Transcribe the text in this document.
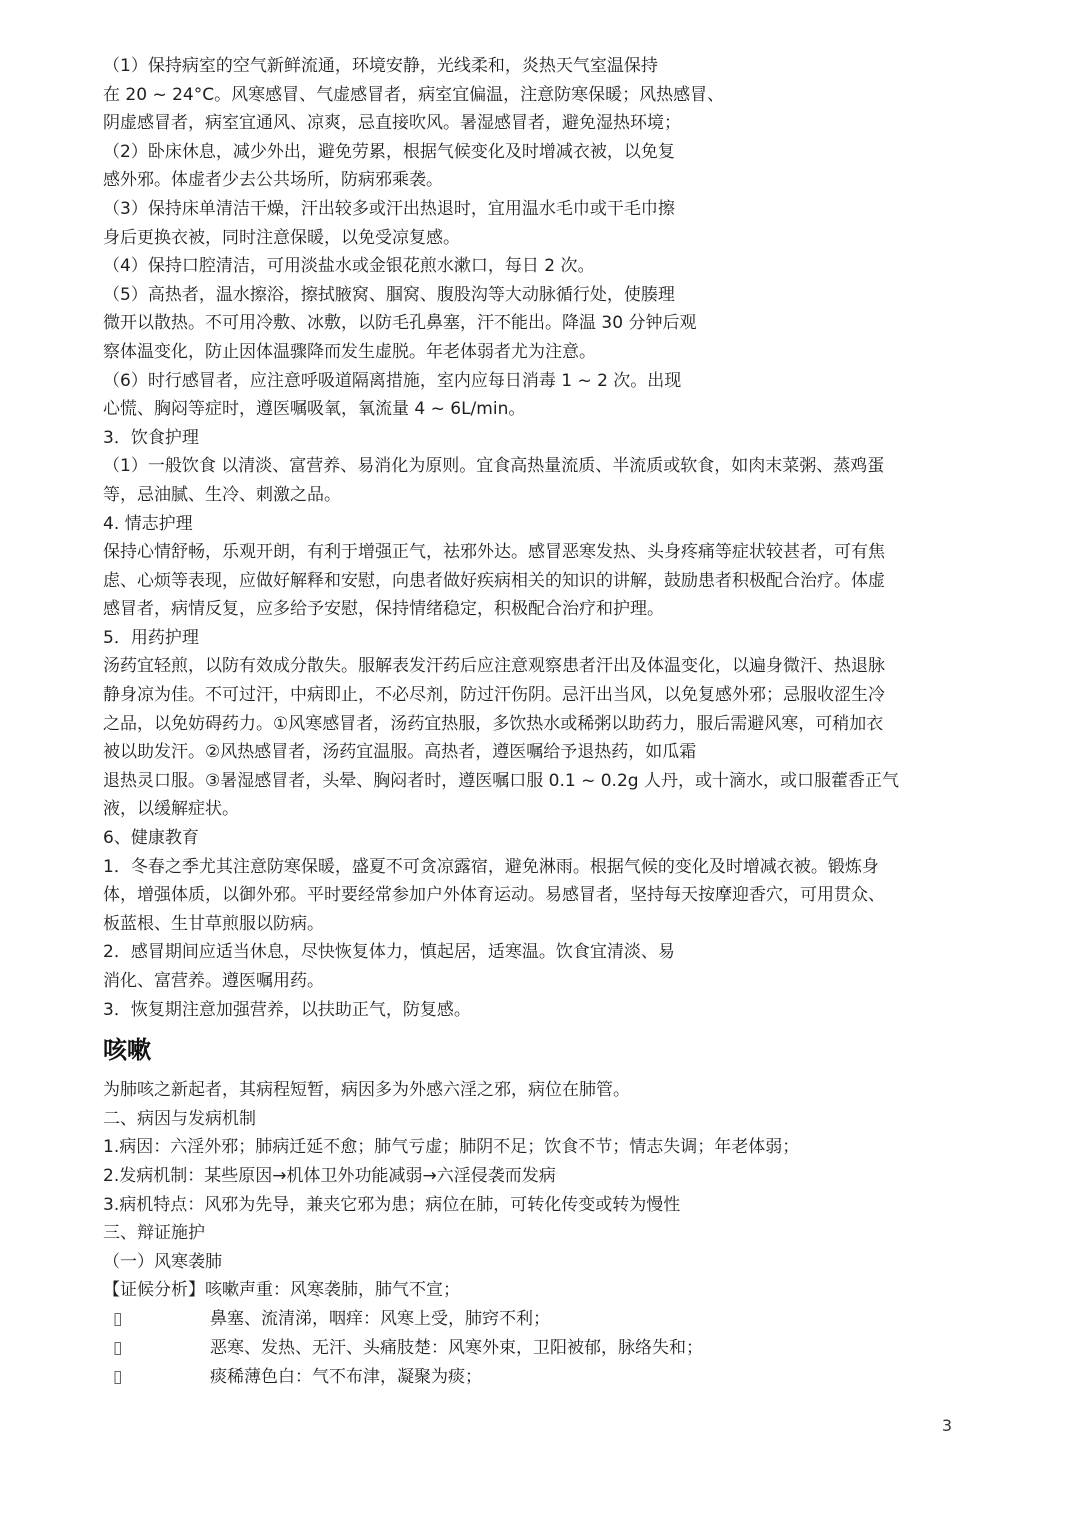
（1）保持病室的空气新鲜流通，环境安静，光线柔和，炎热天气室温保持
在 20 ~ 24°C。风寒感冒、气虚感冒者，病室宜偏温，注意防寒保暖；风热感冒、
阴虚感冒者，病室宜通风、凉爽，忌直接吹风。暑湿感冒者，避免湿热环境；
（2）卧床休息，减少外出，避免劳累，根据气候变化及时增减衣被，以免复
感外邪。体虚者少去公共场所，防病邪乘袭。
（3）保持床单清洁干燥，汗出较多或汗出热退时，宜用温水毛巾或干毛巾擦
身后更换衣被，同时注意保暖，以免受凉复感。
（4）保持口腔清洁，可用淡盐水或金银花煎水漱口，每日 2 次。
（5）高热者，温水擦浴，擦拭腋窝、腘窝、腹股沟等大动脉循行处，使腠理
微开以散热。不可用冷敷、冰敷，以防毛孔鼻塞，汗不能出。降温 30 分钟后观
察体温变化，防止因体温骤降而发生虚脱。年老体弱者尤为注意。
（6）时行感冒者，应注意呼吸道隔离措施，室内应每日消毒 1 ~ 2 次。出现
心慌、胸闷等症时，遵医嘱吸氧，氧流量 4 ~ 6L/min。
3．饮食护理
（1）一般饮食 以清淡、富营养、易消化为原则。宜食高热量流质、半流质或软食，如肉末菜粥、蒸鸡蛋
等，忌油腻、生冷、刺激之品。
4. 情志护理
保持心情舒畅，乐观开朗，有利于增强正气，祛邪外达。感冒恶寒发热、头身疼痛等症状较甚者，可有焦
虑、心烦等表现，应做好解释和安慰，向患者做好疾病相关的知识的讲解，鼓励患者积极配合治疗。体虚
感冒者，病情反复，应多给予安慰，保持情绪稳定，积极配合治疗和护理。
5．用药护理
汤药宜轻煎，以防有效成分散失。服解表发汗药后应注意观察患者汗出及体温变化，以遍身微汗、热退脉
静身凉为佳。不可过汗，中病即止，不必尽剂，防过汗伤阴。忌汗出当风，以免复感外邪；忌服收涩生冷
之品，以免妨碍药力。①风寒感冒者，汤药宜热服，多饮热水或稀粥以助药力，服后需避风寒，可稍加衣
被以助发汗。②风热感冒者，汤药宜温服。高热者，遵医嘱给予退热药，如瓜霜
退热灵口服。③暑湿感冒者，头晕、胸闷者时，遵医嘱口服 0.1 ~ 0.2g 人丹，或十滴水，或口服藿香正气
液，以缓解症状。
6、健康教育
1．冬春之季尤其注意防寒保暖，盛夏不可贪凉露宿，避免淋雨。根据气候的变化及时增减衣被。锻炼身
体，增强体质，以御外邪。平时要经常参加户外体育运动。易感冒者，坚持每天按摩迎香穴，可用贯众、
板蓝根、生甘草煎服以防病。
2．感冒期间应适当休息，尽快恢复体力，慎起居，适寒温。饮食宜清淡、易
消化、富营养。遵医嘱用药。
3．恢复期注意加强营养，以扶助正气，防复感。
咳嗽
为肺咳之新起者，其病程短暂，病因多为外感六淫之邪，病位在肺管。
二、病因与发病机制
1.病因：六淫外邪；肺病迁延不愈；肺气亏虚；肺阴不足；饮食不节；情志失调；年老体弱；
2.发病机制：某些原因→机体卫外功能减弱→六淫侵袭而发病
3.病机特点：风邪为先导，兼夹它邪为患；病位在肺，可转化传变或转为慢性
三、辩证施护
（一）风寒袭肺
【证候分析】咳嗽声重：风寒袭肺，肺气不宣；
▯	鼻塞、流清涕，咽痒：风寒上受，肺窍不利；
▯	恶寒、发热、无汗、头痛肢楚：风寒外束，卫阳被郁，脉络失和；
▯	痰稀薄色白：气不布津，凝聚为痰；
3
